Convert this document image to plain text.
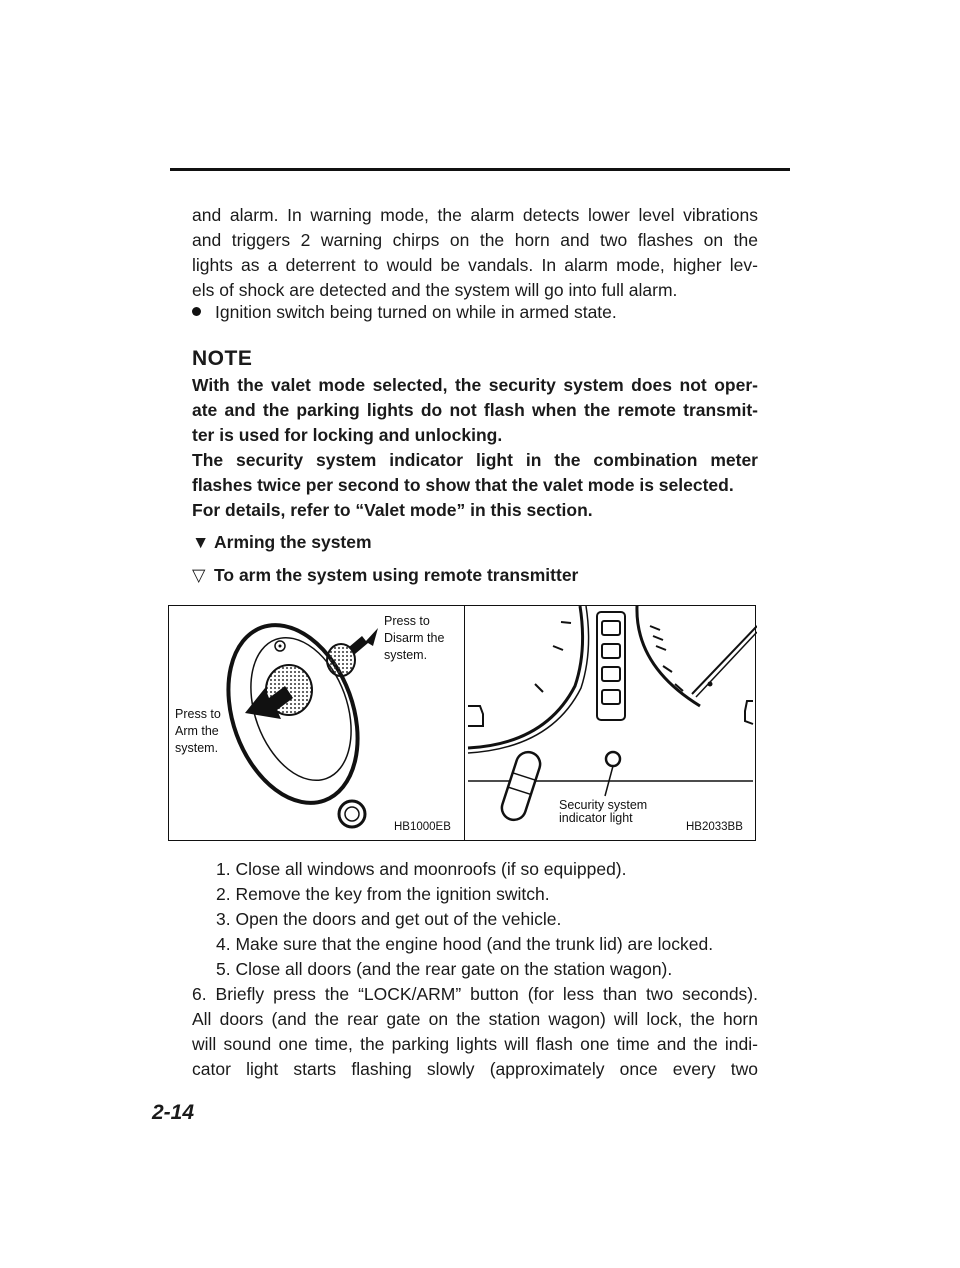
and alarm. In warning mode, the alarm detects lower level vibrations
and triggers 2 warning chirps on the horn and two flashes on the
lights as a deterrent to would be vandals. In alarm mode, higher lev-
els of shock are detected and the system will go into full alarm.
Ignition switch being turned on while in armed state.
NOTE
With the valet mode selected, the security system does not oper-
ate and the parking lights do not flash when the remote transmit-
ter is used for locking and unlocking.
The security system indicator light in the combination meter
flashes twice per second to show that the valet mode is selected.
For details, refer to “Valet mode” in this section.
▼ Arming the system
▽ To arm the system using remote transmitter
Press to
Disarm the
system.
Press to
Arm the
system.
HB1000EB
Security system
indicator light
HB2033BB
1. Close all windows and moonroofs (if so equipped).
2. Remove the key from the ignition switch.
3. Open the doors and get out of the vehicle.
4. Make sure that the engine hood (and the trunk lid) are locked.
5. Close all doors (and the rear gate on the station wagon).
6. Briefly press the “LOCK/ARM” button (for less than two seconds).
All doors (and the rear gate on the station wagon) will lock, the horn
will sound one time, the parking lights will flash one time and the indi-
cator light starts flashing slowly (approximately once every two
2-14
